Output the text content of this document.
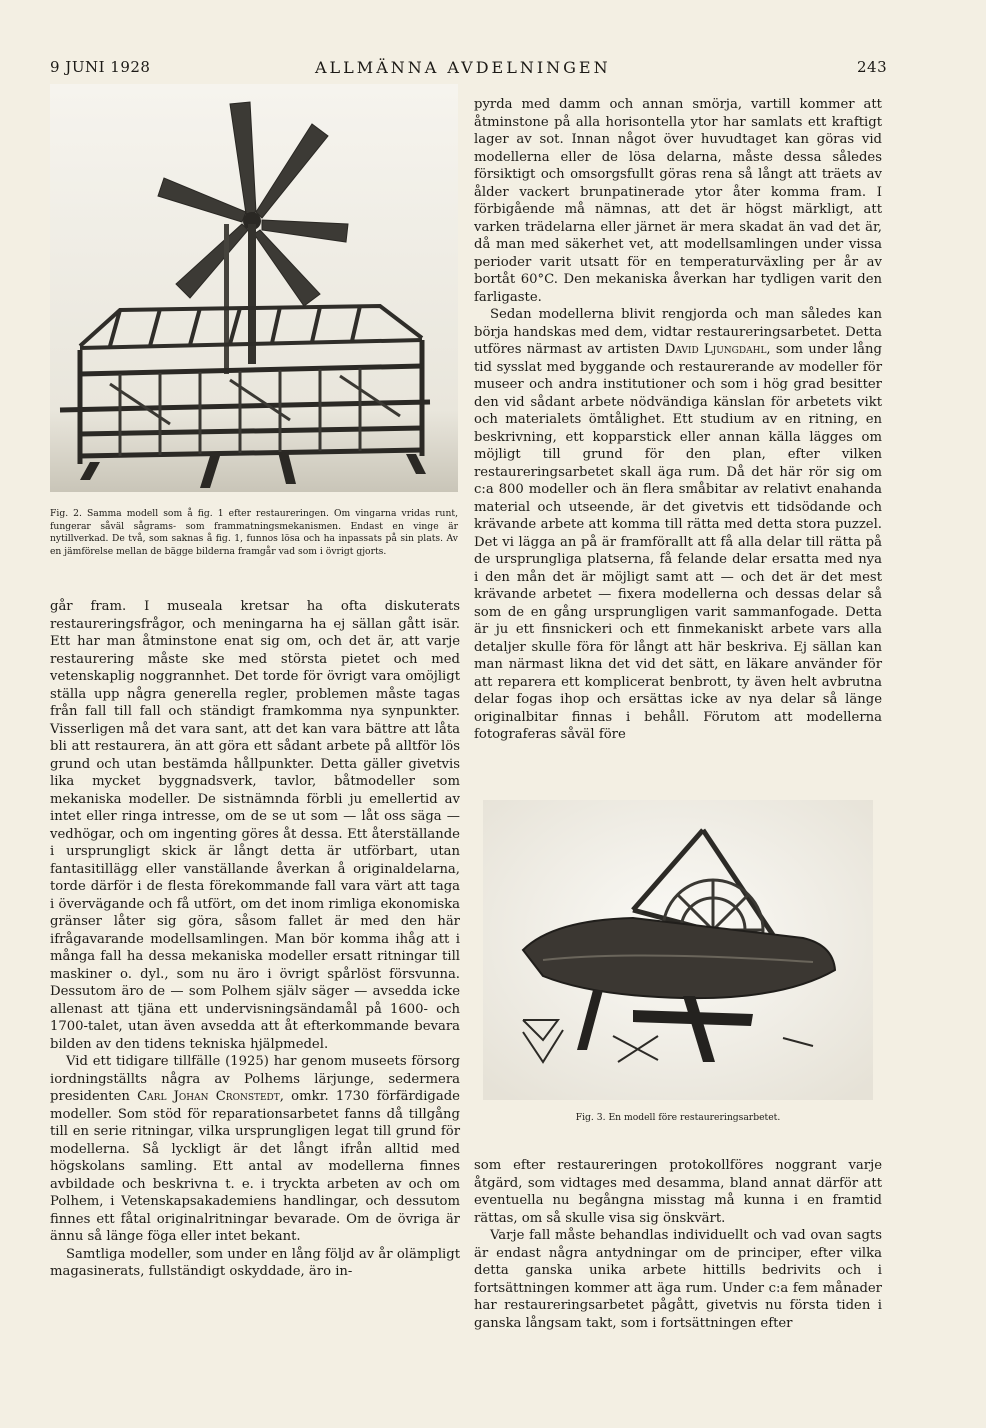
9 JUNI 1928	ALLMÄNNA AVDELNINGEN	243
Fig. 2. Samma modell som å fig. 1 efter restaureringen. Om vingarna vridas runt, fungerar såväl sågrams- som frammatningsmekanismen. Endast en vinge är nytillverkad. De två, som saknas å fig. 1, funnos lösa och ha inpassats på sin plats. Av en jämförelse mellan de bägge bilderna framgår vad som i övrigt gjorts.

går fram. I museala kretsar ha ofta diskuterats restaureringsfrågor, och meningarna ha ej sällan gått isär. Ett har man åtminstone enat sig om, och det är, att varje restaurering måste ske med största pietet och med vetenskaplig noggrannhet. Det torde för övrigt vara omöjligt ställa upp några generella regler, problemen måste tagas från fall till fall och ständigt framkomma nya synpunkter. Visserligen må det vara sant, att det kan vara bättre att låta bli att restaurera, än att göra ett sådant arbete på alltför lös grund och utan bestämda hållpunkter. Detta gäller givetvis lika mycket byggnadsverk, tavlor, båtmodeller som mekaniska modeller. De sistnämnda förbli ju emellertid av intet eller ringa intresse, om de se ut som — låt oss säga — vedhögar, och om ingenting göres åt dessa. Ett återställande i ursprungligt skick är långt detta är utförbart, utan fantasitillägg eller vanställande åverkan å originaldelarna, torde därför i de flesta förekommande fall vara värt att taga i övervägande och få utfört, om det inom rimliga ekonomiska gränser låter sig göra, såsom fallet är med den här ifrågavarande modellsamlingen. Man bör komma ihåg att i många fall ha dessa mekaniska modeller ersatt ritningar till maskiner o. dyl., som nu äro i övrigt spårlöst försvunna. Dessutom äro de — som Polhem själv säger — avsedda icke allenast att tjäna ett undervisningsändamål på 1600- och 1700-talet, utan även avsedda att åt efterkommande bevara bilden av den tidens tekniska hjälpmedel.

Vid ett tidigare tillfälle (1925) har genom museets försorg iordningställts några av Polhems lärjunge, sedermera presidenten Carl Johan Cronstedt, omkr. 1730 förfärdigade modeller. Som stöd för reparationsarbetet fanns då tillgång till en serie ritningar, vilka ursprungligen legat till grund för modellerna. Så lyckligt är det långt ifrån alltid med högskolans samling. Ett antal av modellerna finnes avbildade och beskrivna t. e. i tryckta arbeten av och om Polhem, i Vetenskapsakademiens handlingar, och dessutom finnes ett fåtal originalritningar bevarade. Om de övriga är ännu så länge föga eller intet bekant.

Samtliga modeller, som under en lång följd av år olämpligt magasinerats, fullständigt oskyddade, äro in-

pyrda med damm och annan smörja, vartill kommer att åtminstone på alla horisontella ytor har samlats ett kraftigt lager av sot. Innan något över huvudtaget kan göras vid modellerna eller de lösa delarna, måste dessa således försiktigt och omsorgsfullt göras rena så långt att träets av ålder vackert brunpatinerade ytor åter komma fram. I förbigående må nämnas, att det är högst märkligt, att varken trädelarna eller järnet är mera skadat än vad det är, då man med säkerhet vet, att modellsamlingen under vissa perioder varit utsatt för en temperaturväxling per år av bortåt 60°C. Den mekaniska åverkan har tydligen varit den farligaste.

Sedan modellerna blivit rengjorda och man således kan börja handskas med dem, vidtar restaureringsarbetet. Detta utföres närmast av artisten David Ljungdahl, som under lång tid sysslat med byggande och restaurerande av modeller för museer och andra institutioner och som i hög grad besitter den vid sådant arbete nödvändiga känslan för arbetets vikt och materialets ömtålighet. Ett studium av en ritning, en beskrivning, ett kopparstick eller annan källa lägges om möjligt till grund för den plan, efter vilken restaureringsarbetet skall äga rum. Då det här rör sig om c:a 800 modeller och än flera småbitar av relativt enahanda material och utseende, är det givetvis ett tidsödande och krävande arbete att komma till rätta med detta stora puzzel. Det vi lägga an på är framförallt att få alla delar till rätta på de ursprungliga platserna, få felande delar ersatta med nya i den mån det är möjligt samt att — och det är det mest krävande arbetet — fixera modellerna och dessas delar så som de en gång ursprungligen varit sammanfogade. Detta är ju ett finsnickeri och ett finmekaniskt arbete vars alla detaljer skulle föra för långt att här beskriva. Ej sällan kan man närmast likna det vid det sätt, en läkare använder för att reparera ett komplicerat benbrott, ty även helt avbrutna delar fogas ihop och ersättas icke av nya delar så länge originalbitar finnas i behåll. Förutom att modellerna fotograferas såväl före

Fig. 3. En modell före restaureringsarbetet.

som efter restaureringen protokollföres noggrant varje åtgärd, som vidtages med desamma, bland annat därför att eventuella nu begångna misstag må kunna i en framtid rättas, om så skulle visa sig önskvärt.

Varje fall måste behandlas individuellt och vad ovan sagts är endast några antydningar om de principer, efter vilka detta ganska unika arbete hittills bedrivits och i fortsättningen kommer att äga rum. Under c:a fem månader har restaureringsarbetet pågått, givetvis nu första tiden i ganska långsam takt, som i fortsättningen efter
